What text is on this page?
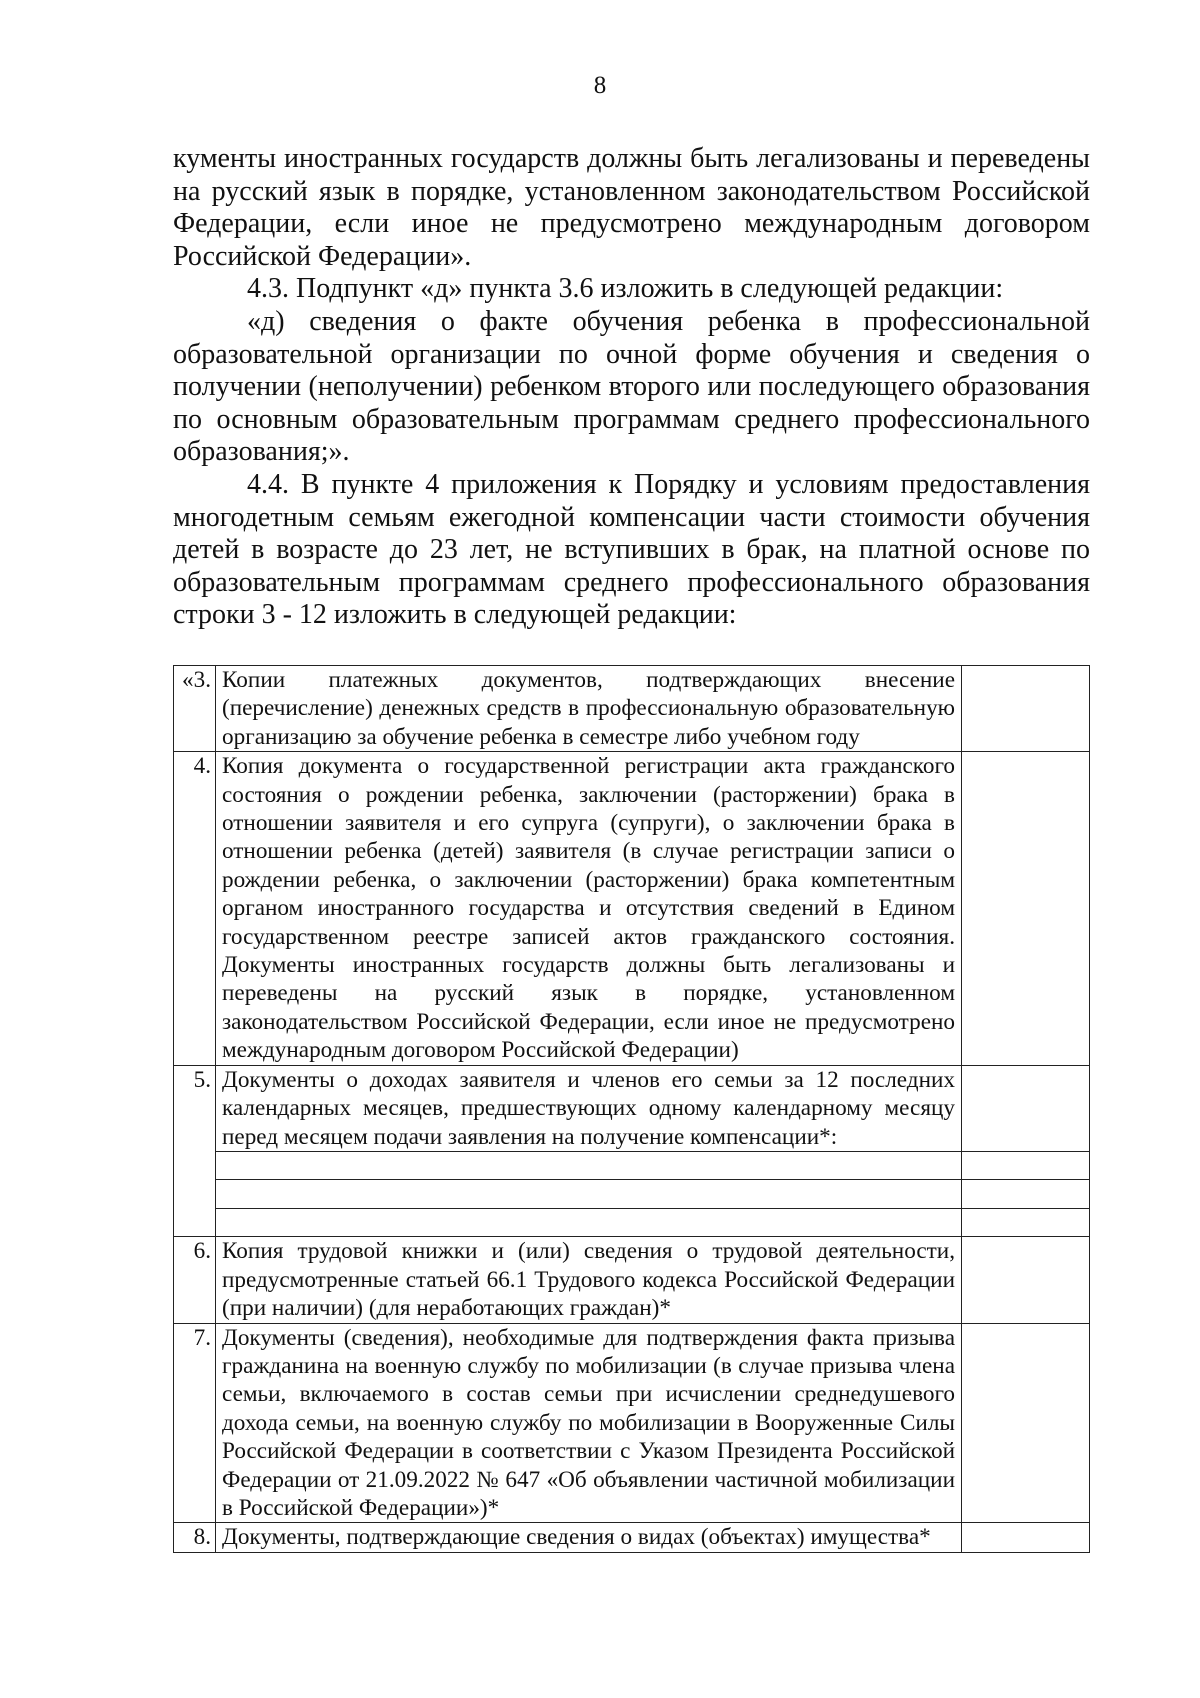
8

кументы иностранных государств должны быть легализованы и переведены на русский язык в порядке, установленном законодательством Российской Федерации, если иное не предусмотрено международным договором Российской Федерации».

4.3. Подпункт «д» пункта 3.6 изложить в следующей редакции:

«д) сведения о факте обучения ребенка в профессиональной образовательной организации по очной форме обучения и сведения о получении (неполучении) ребенком второго или последующего образования по основным образовательным программам среднего профессионального образования;».

4.4. В пункте 4 приложения к Порядку и условиям предоставления многодетным семьям ежегодной компенсации части стоимости обучения детей в возрасте до 23 лет, не вступивших в брак, на платной основе по образовательным программам среднего профессионального образования строки 3 - 12 изложить в следующей редакции:

«3.	Копии платежных документов, подтверждающих внесение (перечисление) денежных средств в профессиональную образовательную организацию за обучение ребенка в семестре либо учебном году	
4.	Копия документа о государственной регистрации акта гражданского состояния о рождении ребенка, заключении (расторжении) брака в отношении заявителя и его супруга (супруги), о заключении брака в отношении ребенка (детей) заявителя (в случае регистрации записи о рождении ребенка, о заключении (расторжении) брака компетентным органом иностранного государства и отсутствия сведений в Едином государственном реестре записей актов гражданского состояния. Документы иностранных государств должны быть легализованы и переведены на русский язык в порядке, установленном законодательством Российской Федерации, если иное не предусмотрено международным договором Российской Федерации)	
5.	Документы о доходах заявителя и членов его семьи за 12 последних календарных месяцев, предшествующих одному календарному месяцу перед месяцем подачи заявления на получение компенсации*:	

6.	Копия трудовой книжки и (или) сведения о трудовой деятельности, предусмотренные статьей 66.1 Трудового кодекса Российской Федерации (при наличии) (для неработающих граждан)*	
7.	Документы (сведения), необходимые для подтверждения факта призыва гражданина на военную службу по мобилизации (в случае призыва члена семьи, включаемого в состав семьи при исчислении среднедушевого дохода семьи, на военную службу по мобилизации в Вооруженные Силы Российской Федерации в соответствии с Указом Президента Российской Федерации от 21.09.2022 № 647 «Об объявлении частичной мобилизации в Российской Федерации»)*	
8.	Документы, подтверждающие сведения о видах (объектах) имущества*	
